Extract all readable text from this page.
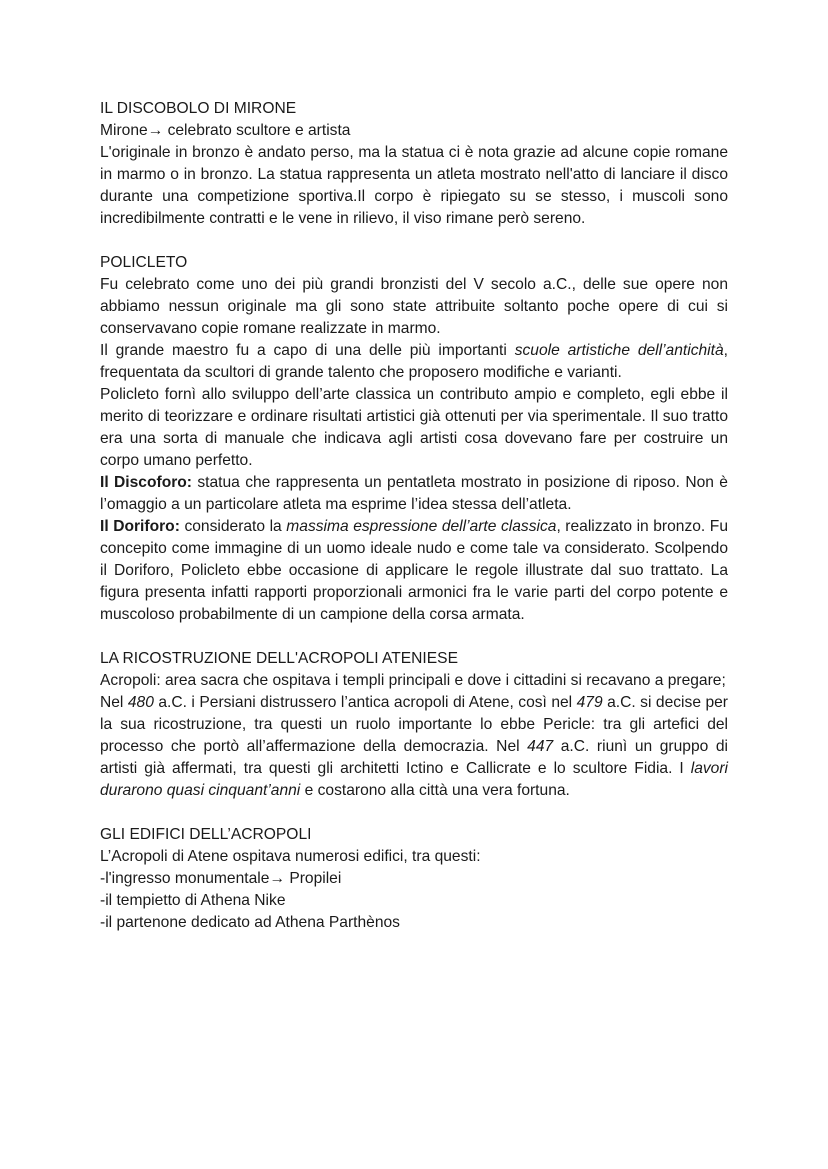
IL DISCOBOLO DI MIRONE

Mirone→ celebrato scultore e artista

L'originale in bronzo è andato perso, ma la statua ci è nota grazie ad alcune copie romane in marmo o in bronzo. La statua rappresenta un atleta mostrato nell'atto di lanciare il disco durante una competizione sportiva.Il corpo è ripiegato su se stesso, i muscoli sono incredibilmente contratti e le vene in rilievo, il viso rimane però sereno.

POLICLETO

Fu celebrato come uno dei più grandi bronzisti del V secolo a.C., delle sue opere non abbiamo nessun originale ma gli sono state attribuite soltanto poche opere di cui si conservavano copie romane realizzate in marmo.

Il grande maestro fu a capo di una delle più importanti scuole artistiche dell’antichità, frequentata da scultori di grande talento che proposero modifiche e varianti.

Policleto fornì allo sviluppo dell’arte classica un contributo ampio e completo, egli ebbe il merito di teorizzare e ordinare risultati artistici già ottenuti per via sperimentale. Il suo tratto era una sorta di manuale che indicava agli artisti cosa dovevano fare per costruire un corpo umano perfetto.

Il Discoforo: statua che rappresenta un pentatleta mostrato in posizione di riposo. Non è l’omaggio a un particolare atleta ma esprime l’idea stessa dell’atleta.

Il Doriforo: considerato la massima espressione dell’arte classica, realizzato in bronzo. Fu concepito come immagine di un uomo ideale nudo e come tale va considerato. Scolpendo il Doriforo, Policleto ebbe occasione di applicare le regole illustrate dal suo trattato. La figura presenta infatti rapporti proporzionali armonici fra le varie parti del corpo potente e muscoloso probabilmente di un campione della corsa armata.

LA RICOSTRUZIONE DELL'ACROPOLI ATENIESE

Acropoli: area sacra che ospitava i templi principali e dove i cittadini si recavano a pregare;

Nel 480 a.C. i Persiani distrussero l’antica acropoli di Atene, così nel 479 a.C. si decise per la sua ricostruzione, tra questi un ruolo importante lo ebbe Pericle: tra gli artefici del processo che portò all’affermazione della democrazia. Nel 447 a.C. riunì un gruppo di artisti già affermati, tra questi gli architetti Ictino e Callicrate e lo scultore Fidia. I lavori durarono quasi cinquant’anni e costarono alla città una vera fortuna.

GLI EDIFICI DELL’ACROPOLI

L’Acropoli di Atene ospitava numerosi edifici, tra questi:

-l'ingresso monumentale→ Propilei

-il tempietto di Athena Nike

-il partenone dedicato ad Athena Parthènos
